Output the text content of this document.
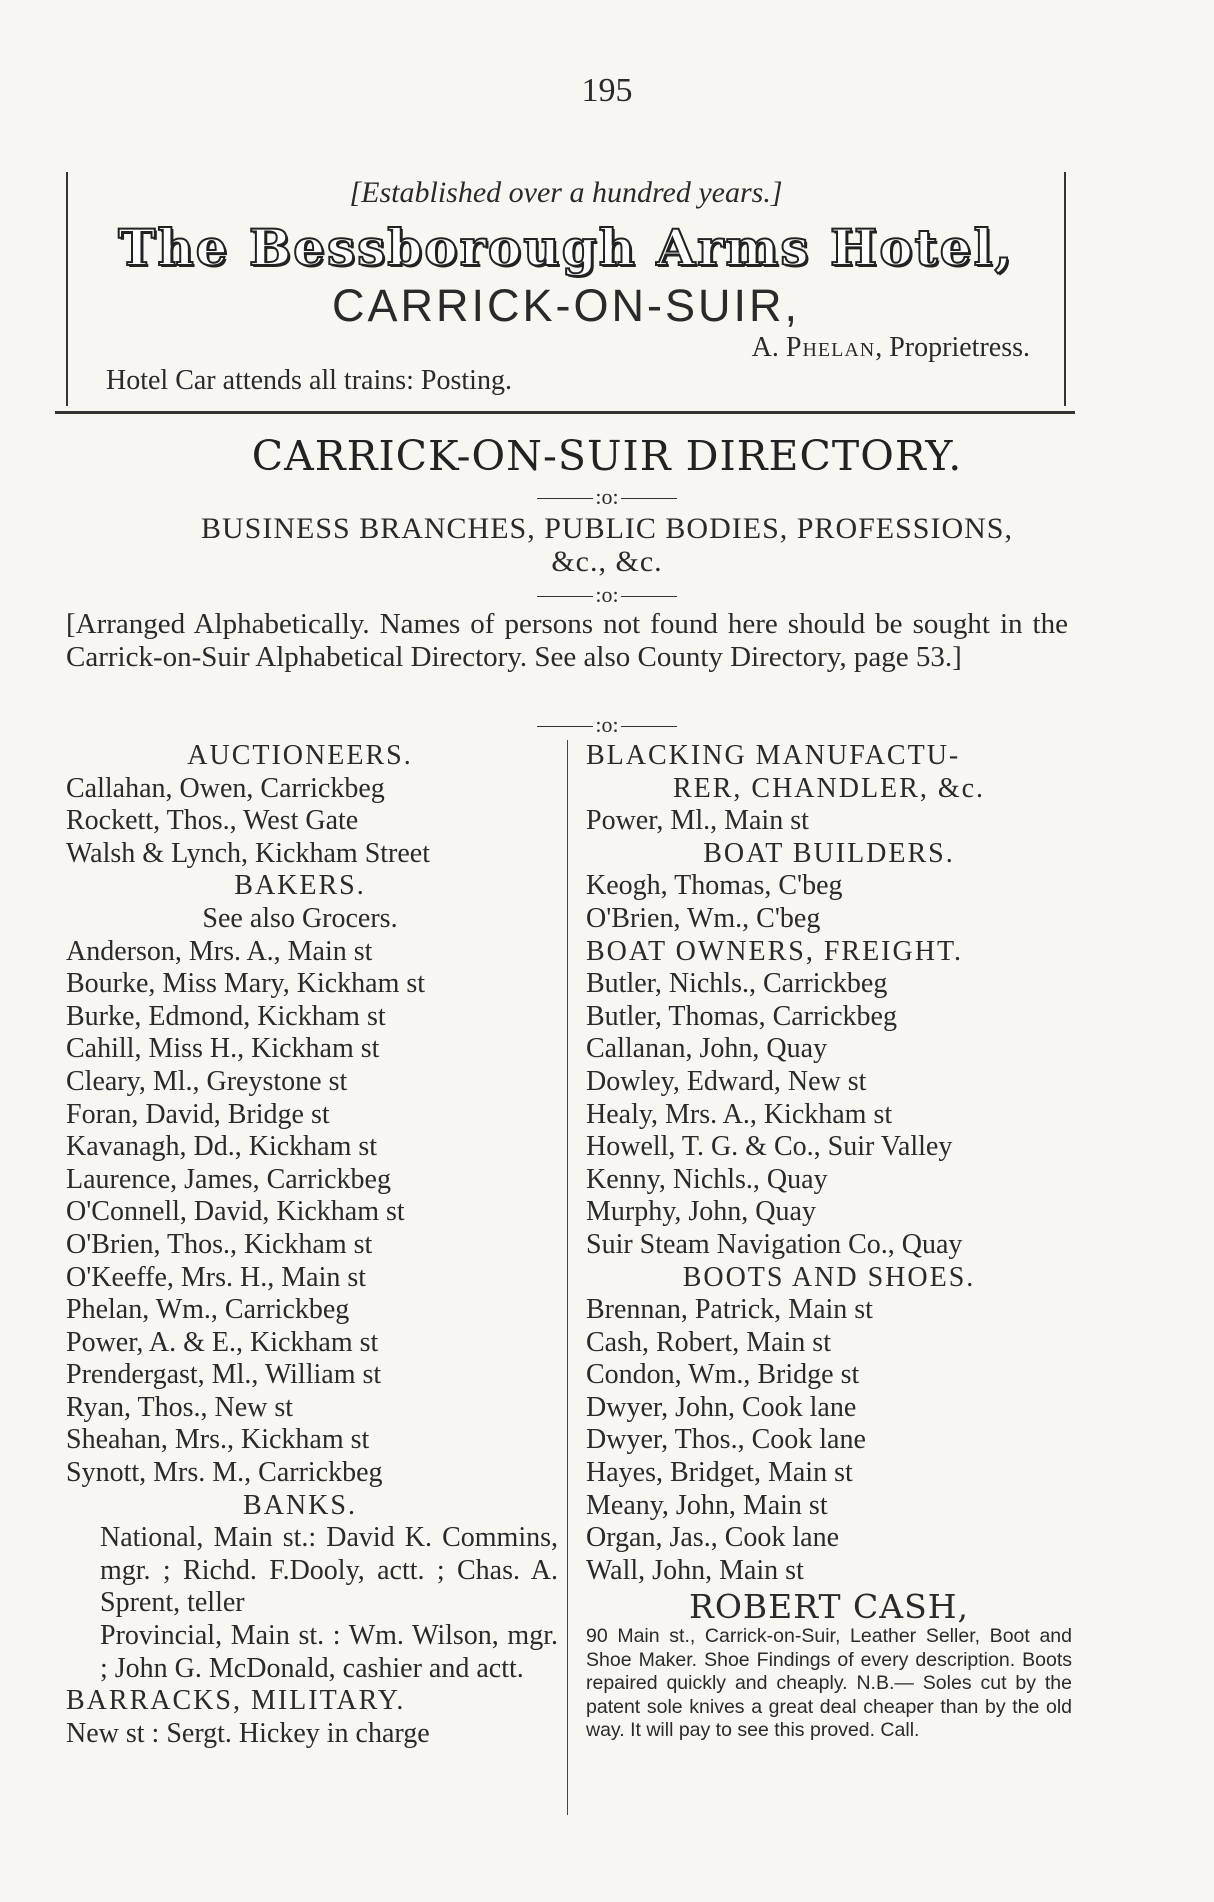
195
[Established over a hundred years.]
The Bessborough Arms Hotel,
CARRICK-ON-SUIR,
A. Phelan, Proprietress.
Hotel Car attends all trains: Posting.
CARRICK-ON-SUIR DIRECTORY.
:o:
BUSINESS BRANCHES, PUBLIC BODIES, PROFESSIONS,
&c., &c.
:o:
[Arranged Alphabetically. Names of persons not found here should be sought in the Carrick-on-Suir Alphabetical Directory. See also County Directory, page 53.]
:o:
AUCTIONEERS.
Callahan, Owen, Carrickbeg
Rockett, Thos., West Gate
Walsh & Lynch, Kickham Street
BAKERS.
See also Grocers.
Anderson, Mrs. A., Main st
Bourke, Miss Mary, Kickham st
Burke, Edmond, Kickham st
Cahill, Miss H., Kickham st
Cleary, Ml., Greystone st
Foran, David, Bridge st
Kavanagh, Dd., Kickham st
Laurence, James, Carrickbeg
O'Connell, David, Kickham st
O'Brien, Thos., Kickham st
O'Keeffe, Mrs. H., Main st
Phelan, Wm., Carrickbeg
Power, A. & E., Kickham st
Prendergast, Ml., William st
Ryan, Thos., New st
Sheahan, Mrs., Kickham st
Synott, Mrs. M., Carrickbeg
BANKS.
National, Main st.: David K. Commins, mgr. ; Richd. F.Dooly, actt. ; Chas. A. Sprent, teller
Provincial, Main st. : Wm. Wilson, mgr. ; John G. McDonald, cashier and actt.
BARRACKS, MILITARY.
New st : Sergt. Hickey in charge
BLACKING MANUFACTU-
RER, CHANDLER, &c.
Power, Ml., Main st
BOAT BUILDERS.
Keogh, Thomas, C'beg
O'Brien, Wm., C'beg
BOAT OWNERS, FREIGHT.
Butler, Nichls., Carrickbeg
Butler, Thomas, Carrickbeg
Callanan, John, Quay
Dowley, Edward, New st
Healy, Mrs. A., Kickham st
Howell, T. G. & Co., Suir Valley
Kenny, Nichls., Quay
Murphy, John, Quay
Suir Steam Navigation Co., Quay
BOOTS AND SHOES.
Brennan, Patrick, Main st
Cash, Robert, Main st
Condon, Wm., Bridge st
Dwyer, John, Cook lane
Dwyer, Thos., Cook lane
Hayes, Bridget, Main st
Meany, John, Main st
Organ, Jas., Cook lane
Wall, John, Main st
ROBERT CASH,
90 Main st., Carrick-on-Suir, Leather Seller, Boot and Shoe Maker. Shoe Findings of every description. Boots repaired quickly and cheaply. N.B.— Soles cut by the patent sole knives a great deal cheaper than by the old way. It will pay to see this proved. Call.
